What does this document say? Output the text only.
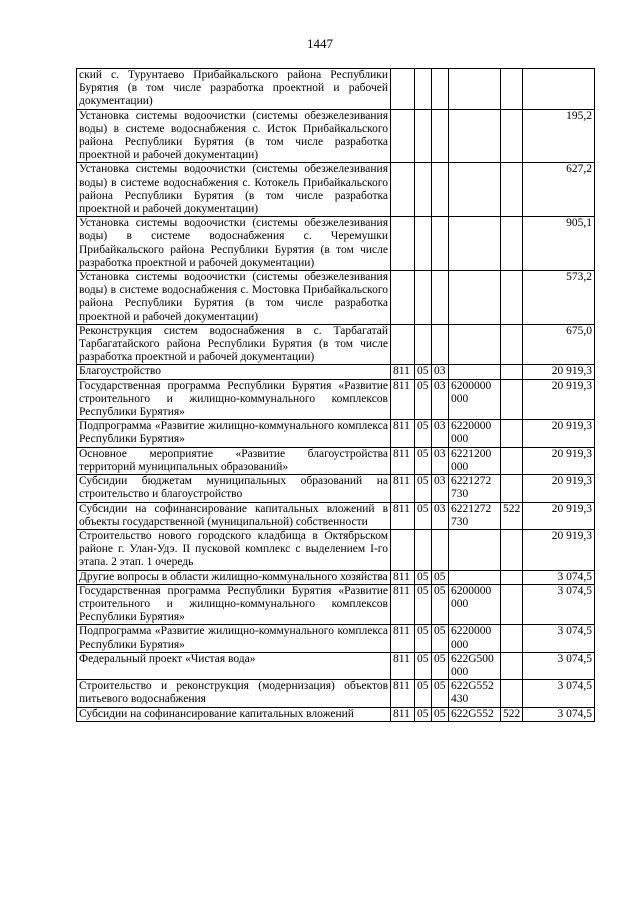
1447
ский с. Турунтаево Прибайкальского района Республики Бурятия (в том числе разработка проектной и рабочей документации)						
Установка системы водоочистки (системы обезжелезивания воды) в системе водоснабжения с. Исток Прибайкальского района Республики Бурятия (в том числе разработка проектной и рабочей документации)						195,2
Установка системы водоочистки (системы обезжелезивания воды) в системе водоснабжения с. Котокель Прибайкальского района Республики Бурятия (в том числе разработка проектной и рабочей документации)						627,2
Установка системы водоочистки (системы обезжелезивания воды) в системе водоснабжения с. Черемушки Прибайкальского района Республики Бурятия (в том числе разработка проектной и рабочей документации)						905,1
Установка системы водоочистки (системы обезжелезивания воды) в системе водоснабжения с. Мостовка Прибайкальского района Республики Бурятия (в том числе разработка проектной и рабочей документации)						573,2
Реконструкция систем водоснабжения в с. Тарбагатай Тарбагатайского района Республики Бурятия (в том числе разработка проектной и рабочей документации)						675,0
Благоустройство	811	05	03			20 919,3
Государственная программа Республики Бурятия «Развитие строительного и жилищно-коммунального комплексов Республики Бурятия»	811	05	03	6200000 000		20 919,3
Подпрограмма «Развитие жилищно-коммунального комплекса Республики Бурятия»	811	05	03	6220000 000		20 919,3
Основное мероприятие «Развитие благоустройства территорий муниципальных образований»	811	05	03	6221200 000		20 919,3
Субсидии бюджетам муниципальных образований на строительство и благоустройство	811	05	03	6221272 730		20 919,3
Субсидии на софинансирование капитальных вложений в объекты государственной (муниципальной) собственности	811	05	03	6221272 730	522	20 919,3
Строительство нового городского кладбища в Октябрьском районе г. Улан-Удэ. II пусковой комплекс с выделением I-го этапа. 2 этап. 1 очередь						20 919,3
Другие вопросы в области жилищно-коммунального хозяйства	811	05	05			3 074,5
Государственная программа Республики Бурятия «Развитие строительного и жилищно-коммунального комплексов Республики Бурятия»	811	05	05	6200000 000		3 074,5
Подпрограмма «Развитие жилищно-коммунального комплекса Республики Бурятия»	811	05	05	6220000 000		3 074,5
Федеральный проект «Чистая вода»	811	05	05	622G500 000		3 074,5
Строительство и реконструкция (модернизация) объектов питьевого водоснабжения	811	05	05	622G552 430		3 074,5
Субсидии на софинансирование капитальных вложений	811	05	05	622G552	522	3 074,5
